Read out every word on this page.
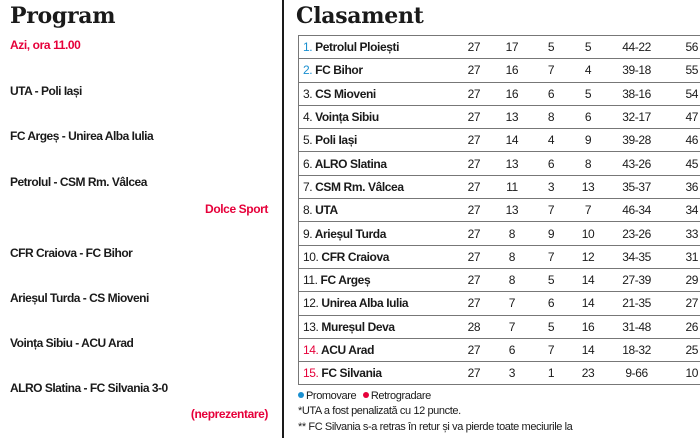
Program
Azi, ora 11.00
UTA - Poli Iași
FC Argeș - Unirea Alba Iulia
Petrolul - CSM Rm. Vâlcea
Dolce Sport
CFR Craiova - FC Bihor
Arieșul Turda - CS Mioveni
Voința Sibiu - ACU Arad
ALRO Slatina - FC Silvania 3-0
(neprezentare)
Clasament
1. Petrolul Ploiești	27	17	5	5	44-22	56
2. FC Bihor	27	16	7	4	39-18	55
3. CS Mioveni	27	16	6	5	38-16	54
4. Voința Sibiu	27	13	8	6	32-17	47
5. Poli Iași	27	14	4	9	39-28	46
6. ALRO Slatina	27	13	6	8	43-26	45
7. CSM Rm. Vâlcea	27	11	3	13	35-37	36
8. UTA	27	13	7	7	46-34	34
9. Arieșul Turda	27	8	9	10	23-26	33
10. CFR Craiova	27	8	7	12	34-35	31
11. FC Argeș	27	8	5	14	27-39	29
12. Unirea Alba Iulia	27	7	6	14	21-35	27
13. Mureșul Deva	28	7	5	16	31-48	26
14. ACU Arad	27	6	7	14	18-32	25
15. FC Silvania	27	3	1	23	9-66	10
Promovare Retrogradare
*UTA a fost penalizată cu 12 puncte.
** FC Silvania s-a retras în retur și va pierde toate meciurile la
